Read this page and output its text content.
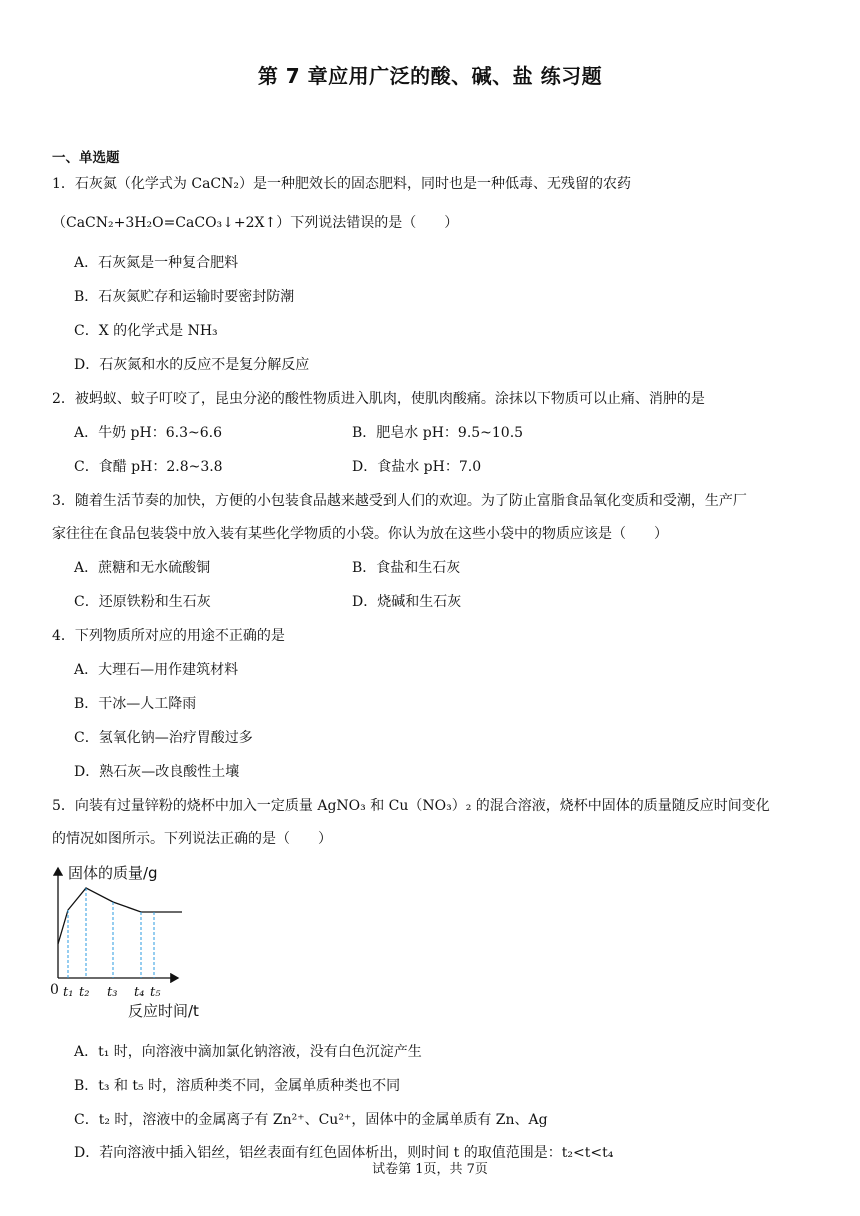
第 7 章应用广泛的酸、碱、盐 练习题
一、单选题
1．石灰氮（化学式为 CaCN₂）是一种肥效长的固态肥料，同时也是一种低毒、无残留的农药
（CaCN₂+3H₂O=CaCO₃↓+2X↑）下列说法错误的是（　　）
A．石灰氮是一种复合肥料
B．石灰氮贮存和运输时要密封防潮
C．X 的化学式是 NH₃
D．石灰氮和水的反应不是复分解反应
2．被蚂蚁、蚊子叮咬了，昆虫分泌的酸性物质进入肌肉，使肌肉酸痛。涂抹以下物质可以止痛、消肿的是
A．牛奶 pH：6.3~6.6	B．肥皂水 pH：9.5~10.5
C．食醋 pH：2.8~3.8	D．食盐水 pH：7.0
3．随着生活节奏的加快，方便的小包装食品越来越受到人们的欢迎。为了防止富脂食品氧化变质和受潮，生产厂
家往往在食品包装袋中放入装有某些化学物质的小袋。你认为放在这些小袋中的物质应该是（　　）
A．蔗糖和无水硫酸铜	B．食盐和生石灰
C．还原铁粉和生石灰	D．烧碱和生石灰
4．下列物质所对应的用途不正确的是
A．大理石—用作建筑材料
B．干冰—人工降雨
C．氢氧化钠—治疗胃酸过多
D．熟石灰—改良酸性土壤
5．向装有过量锌粉的烧杯中加入一定质量 AgNO₃ 和 Cu（NO₃）₂ 的混合溶液，烧杯中固体的质量随反应时间变化
的情况如图所示。下列说法正确的是（　　）
固体的质量/g
0 t₁ t₂ t₃ t₄ t₅
反应时间/t
A．t₁ 时，向溶液中滴加氯化钠溶液，没有白色沉淀产生
B．t₃ 和 t₅ 时，溶质种类不同，金属单质种类也不同
C．t₂ 时，溶液中的金属离子有 Zn²⁺、Cu²⁺，固体中的金属单质有 Zn、Ag
D．若向溶液中插入铝丝，铝丝表面有红色固体析出，则时间 t 的取值范围是：t₂<t<t₄
试卷第 1页，共 7页
